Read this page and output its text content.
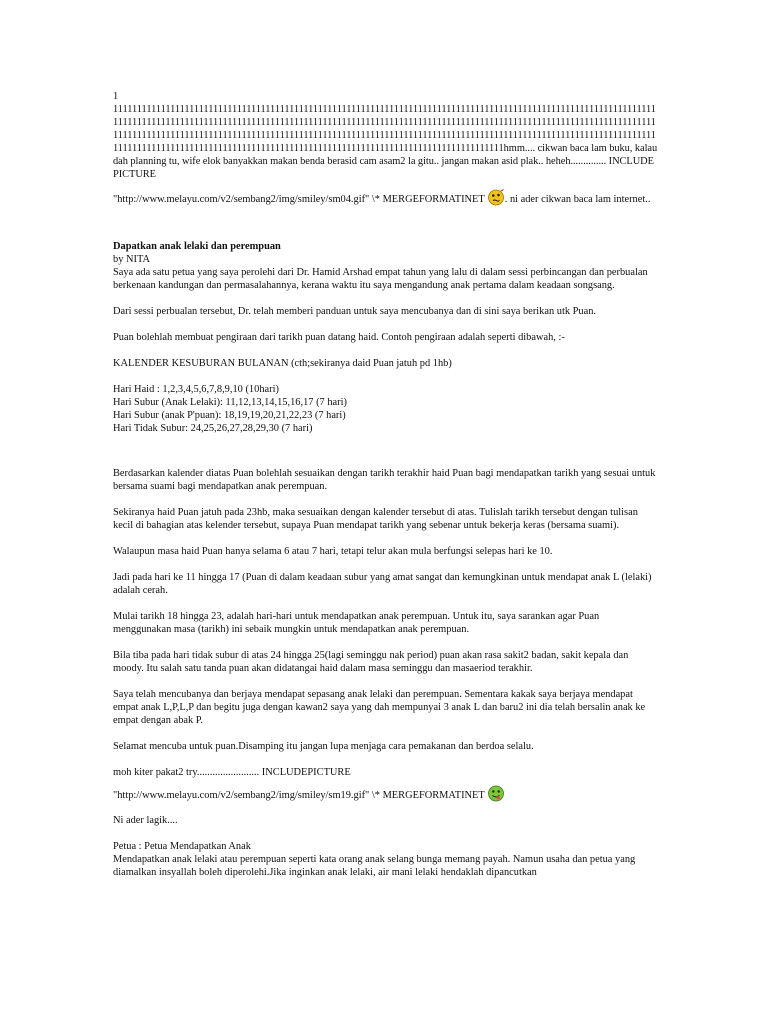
1

1111111111111111111111111111111111111111111111111111111111111111111111111111111111111111111111111111111111111111111111111111111111111111111111111111111111111111111111111111111111111111111111111111111111111111111111111111111111111111111111111111111111111111111111111111111111111111111111111111111111111111111111111111111111111111111111111111111111111111111111111111111111111111111111111111111111111111111111111111111111111111hmm.... cikwan baca lam buku, kalau dah planning tu, wife elok banyakkan makan benda berasid cam asam2 la gitu.. jangan makan asid plak.. heheh.............. INCLUDEPICTURE

"http://www.melayu.com/v2/sembang2/img/smiley/sm04.gif" \* MERGEFORMATINET . ni ader cikwan baca lam internet..

Dapatkan anak lelaki dan perempuan

by NITA

Saya ada satu petua yang saya perolehi dari Dr. Hamid Arshad empat tahun yang lalu di dalam sessi perbincangan dan perbualan berkenaan kandungan dan permasalahannya, kerana waktu itu saya mengandung anak pertama dalam keadaan songsang.

Dari sessi perbualan tersebut, Dr. telah memberi panduan untuk saya mencubanya dan di sini saya berikan utk Puan.

Puan bolehlah membuat pengiraan dari tarikh puan datang haid. Contoh pengiraan adalah seperti dibawah, :-

KALENDER KESUBURAN BULANAN (cth;sekiranya daid Puan jatuh pd 1hb)

Hari Haid : 1,2,3,4,5,6,7,8,9,10 (10hari)

Hari Subur (Anak Lelaki): 11,12,13,14,15,16,17 (7 hari)

Hari Subur (anak P'puan): 18,19,19,20,21,22,23 (7 hari)

Hari Tidak Subur: 24,25,26,27,28,29,30 (7 hari)

Berdasarkan kalender diatas Puan bolehlah sesuaikan dengan tarikh terakhir haid Puan bagi mendapatkan tarikh yang sesuai untuk bersama suami bagi mendapatkan anak perempuan.

Sekiranya haid Puan jatuh pada 23hb, maka sesuaikan dengan kalender tersebut di atas. Tulislah tarikh tersebut dengan tulisan kecil di bahagian atas kelender tersebut, supaya Puan mendapat tarikh yang sebenar untuk bekerja keras (bersama suami).

Walaupun masa haid Puan hanya selama 6 atau 7 hari, tetapi telur akan mula berfungsi selepas hari ke 10.

Jadi pada hari ke 11 hingga 17 (Puan di dalam keadaan subur yang amat sangat dan kemungkinan untuk mendapat anak L (lelaki) adalah cerah.

Mulai tarikh 18 hingga 23, adalah hari-hari untuk mendapatkan anak perempuan. Untuk itu, saya sarankan agar Puan menggunakan masa (tarikh) ini sebaik mungkin untuk mendapatkan anak perempuan.

Bila tiba pada hari tidak subur di atas 24 hingga 25(lagi seminggu nak period) puan akan rasa sakit2 badan, sakit kepala dan moody. Itu salah satu tanda puan akan didatangai haid dalam masa seminggu dan masaeriod terakhir.

Saya telah mencubanya dan berjaya mendapat sepasang anak lelaki dan perempuan. Sementara kakak saya berjaya mendapat empat anak L,P,L,P dan begitu juga dengan kawan2 saya yang dah mempunyai 3 anak L dan baru2 ini dia telah bersalin anak ke empat dengan abak P.

Selamat mencuba untuk puan.Disamping itu jangan lupa menjaga cara pemakanan dan berdoa selalu.

moh kiter pakat2 try........................ INCLUDEPICTURE

"http://www.melayu.com/v2/sembang2/img/smiley/sm19.gif" \* MERGEFORMATINET

Ni ader lagik....

Petua : Petua Mendapatkan Anak

Mendapatkan anak lelaki atau perempuan seperti kata orang anak selang bunga memang payah. Namun usaha dan petua yang diamalkan insyallah boleh diperolehi.Jika inginkan anak lelaki, air mani lelaki hendaklah dipancutkan
